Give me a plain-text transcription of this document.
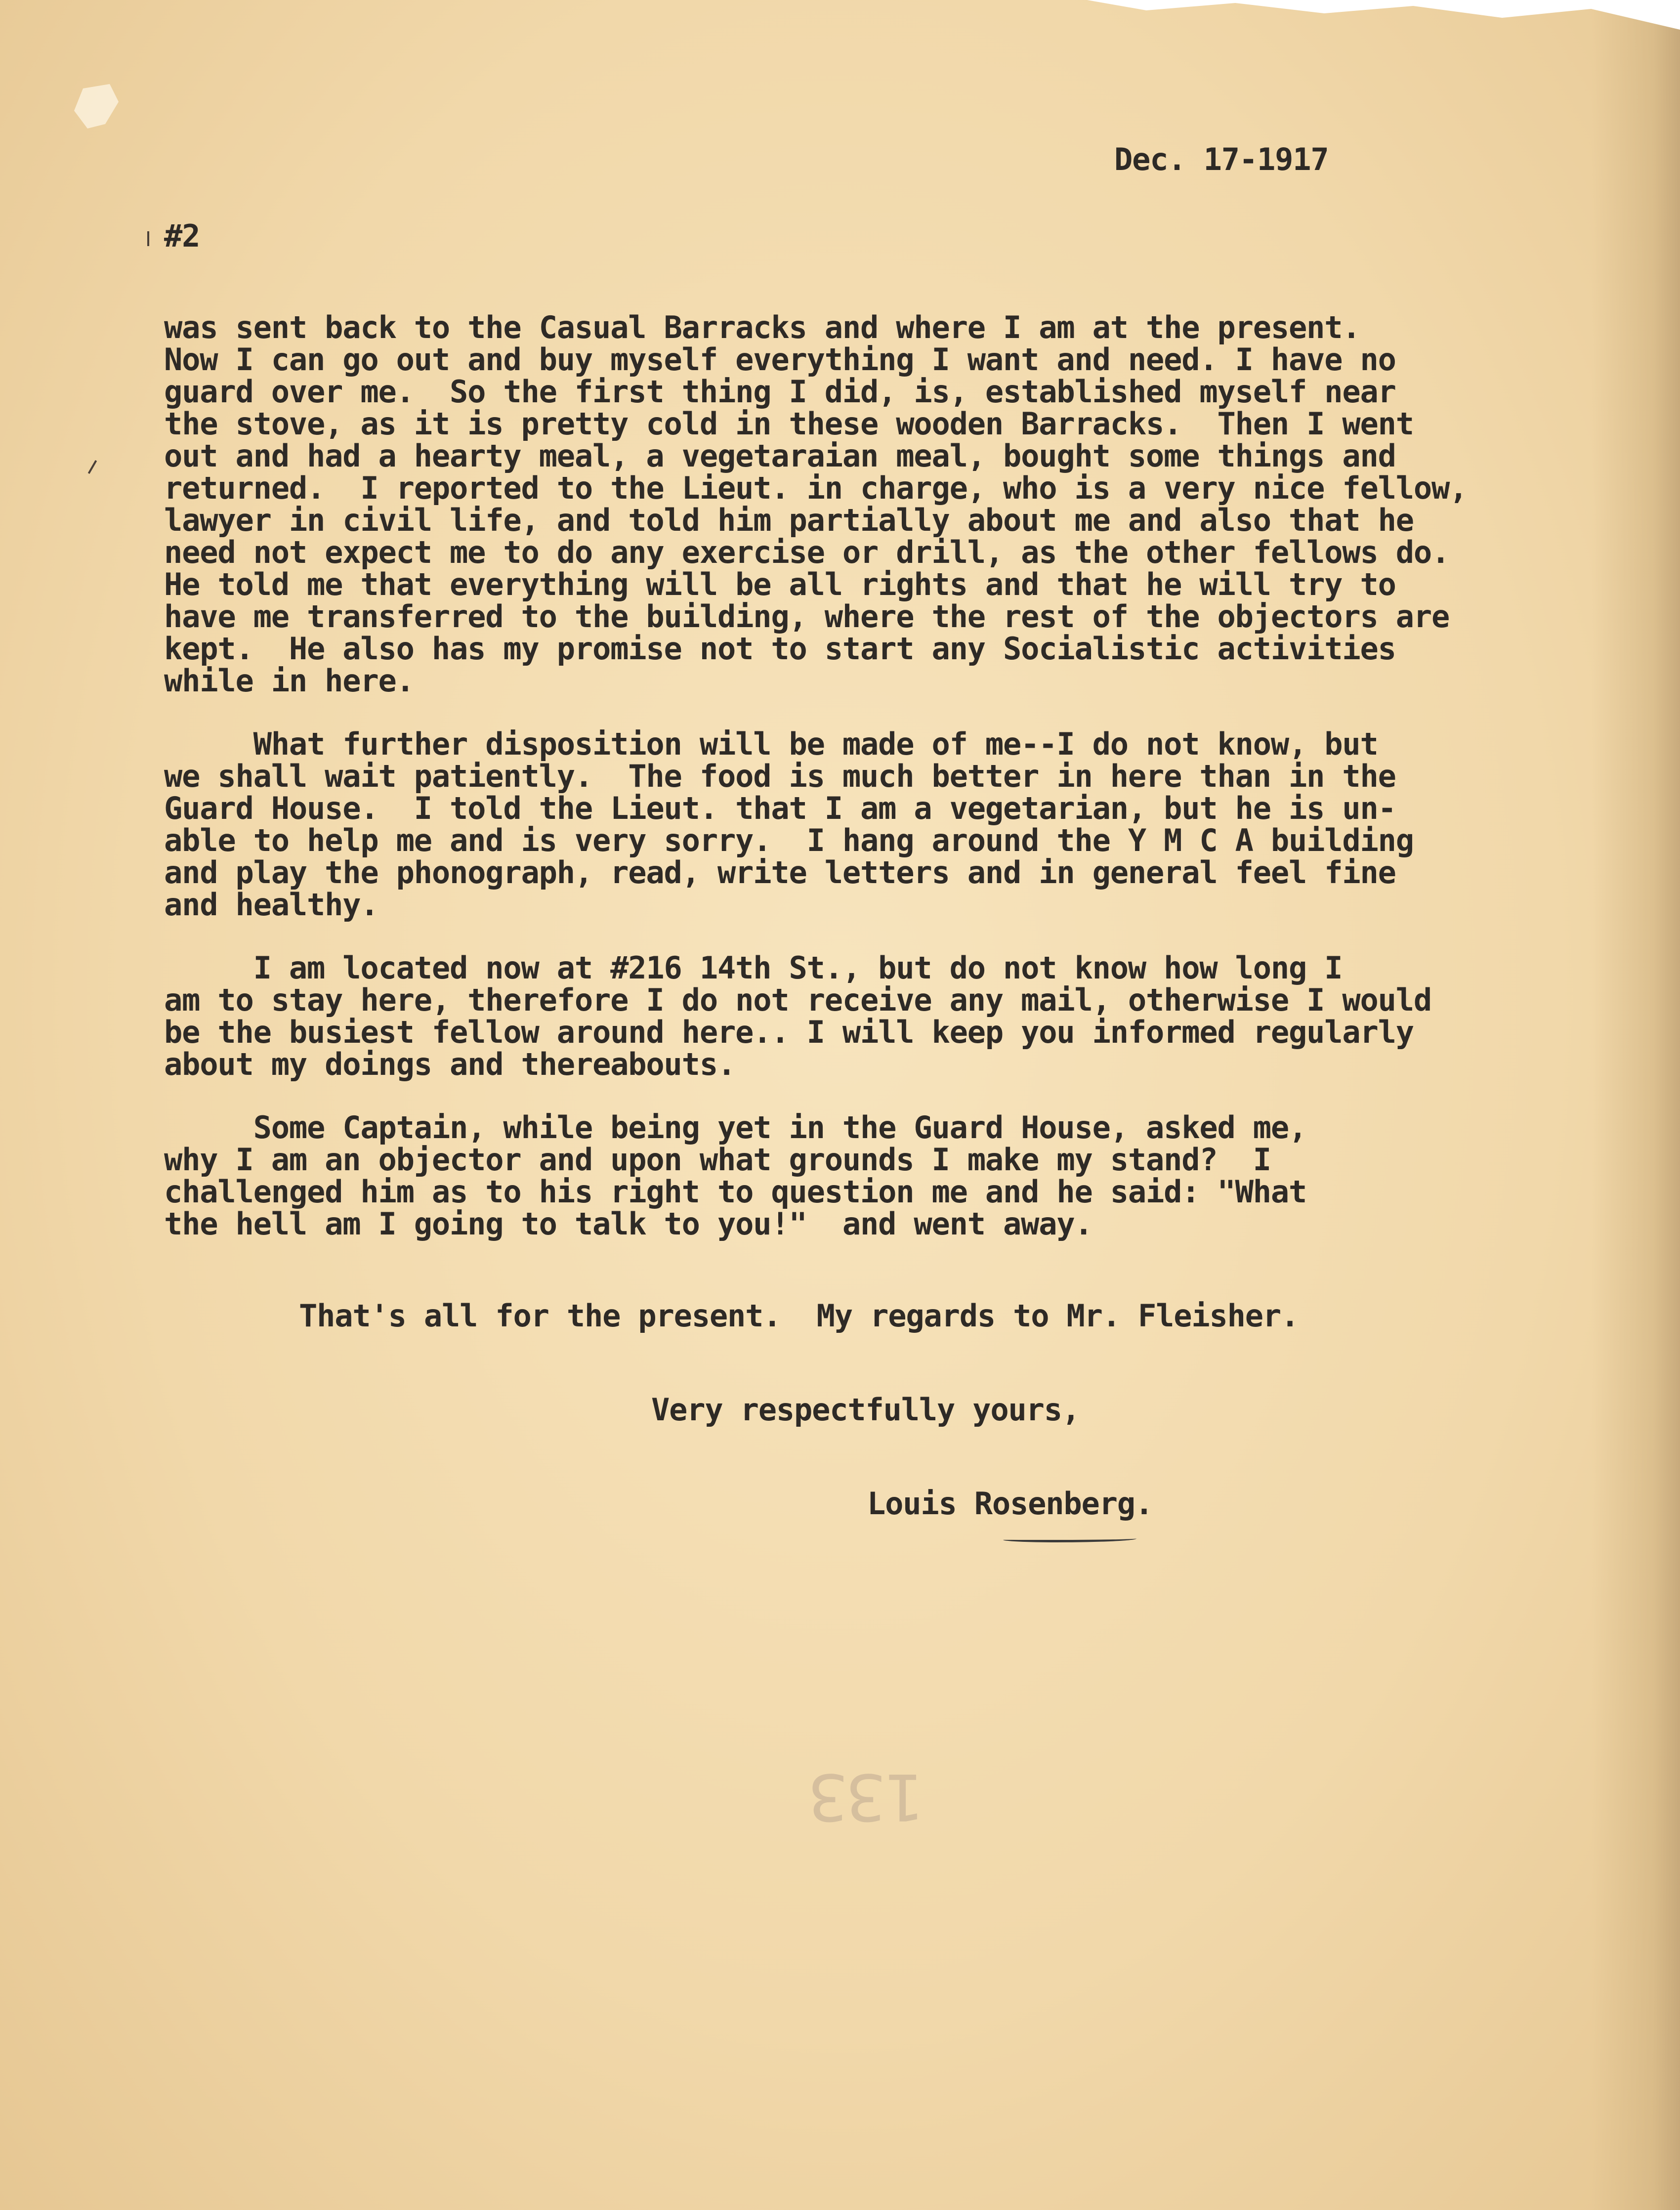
Dec. 17-1917
#2
was sent back to the Casual Barracks and where I am at the present.
Now I can go out and buy myself everything I want and need. I have no
guard over me.  So the first thing I did, is, established myself near
the stove, as it is pretty cold in these wooden Barracks.  Then I went
out and had a hearty meal, a vegetaraian meal, bought some things and
returned.  I reported to the Lieut. in charge, who is a very nice fellow,
lawyer in civil life, and told him partially about me and also that he
need not expect me to do any exercise or drill, as the other fellows do.
He told me that everything will be all rights and that he will try to
have me transferred to the building, where the rest of the objectors are
kept.  He also has my promise not to start any Socialistic activities
while in here.
What further disposition will be made of me--I do not know, but
we shall wait patiently.  The food is much better in here than in the
Guard House.  I told the Lieut. that I am a vegetarian, but he is un-
able to help me and is very sorry.  I hang around the Y M C A building
and play the phonograph, read, write letters and in general feel fine
and healthy.
I am located now at #216 14th St., but do not know how long I
am to stay here, therefore I do not receive any mail, otherwise I would
be the busiest fellow around here.. I will keep you informed regularly
about my doings and thereabouts.
Some Captain, while being yet in the Guard House, asked me,
why I am an objector and upon what grounds I make my stand?  I
challenged him as to his right to question me and he said: "What
the hell am I going to talk to you!"  and went away.
That's all for the present.  My regards to Mr. Fleisher.
Very respectfully yours,
Louis Rosenberg.
133
